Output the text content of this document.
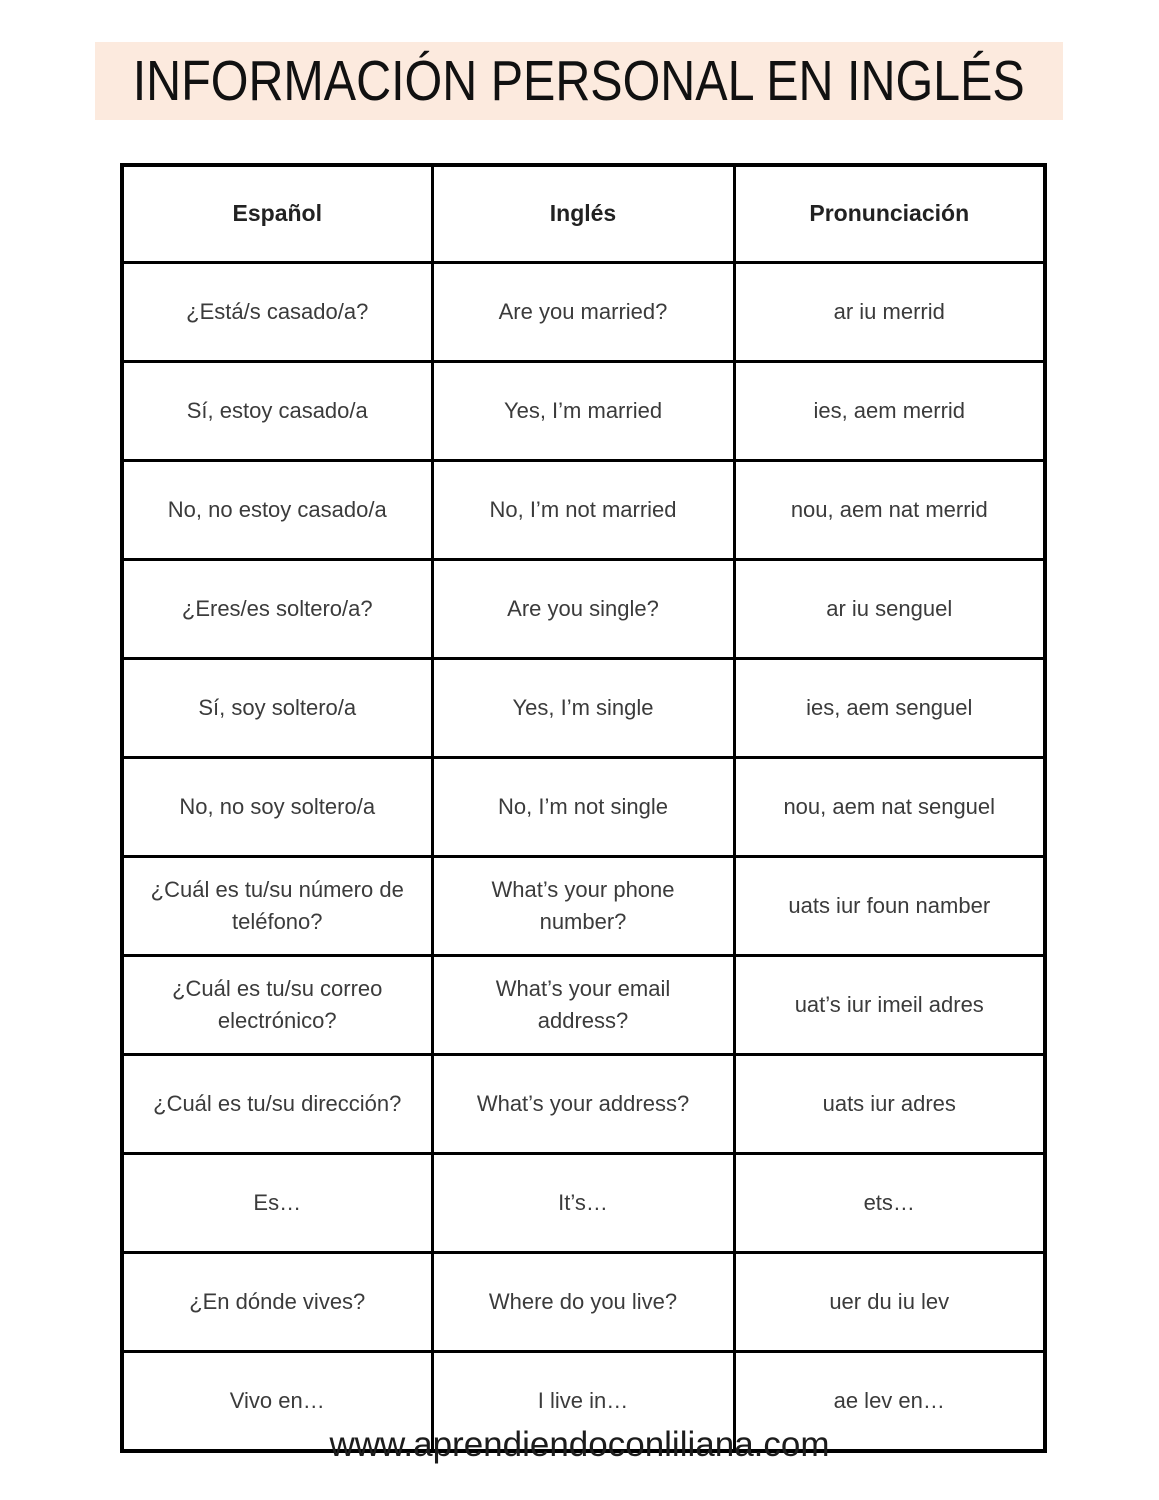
INFORMACIÓN PERSONAL EN INGLÉS
Español	Inglés	Pronunciación
¿Está/s casado/a?	Are you married?	ar iu merrid
Sí, estoy casado/a	Yes, I’m married	ies, aem merrid
No, no estoy casado/a	No, I’m not married	nou, aem nat merrid
¿Eres/es soltero/a?	Are you single?	ar iu senguel
Sí, soy soltero/a	Yes, I’m single	ies, aem senguel
No, no soy soltero/a	No, I’m not single	nou, aem nat senguel
¿Cuál es tu/su número de teléfono?	What’s your phone number?	uats iur foun namber
¿Cuál es tu/su correo electrónico?	What’s your email address?	uat’s iur imeil adres
¿Cuál es tu/su dirección?	What’s your address?	uats iur adres
Es…	It’s…	ets…
¿En dónde vives?	Where do you live?	uer du iu lev
Vivo en…	I live in…	ae lev en…
www.aprendiendoconliliana.com
